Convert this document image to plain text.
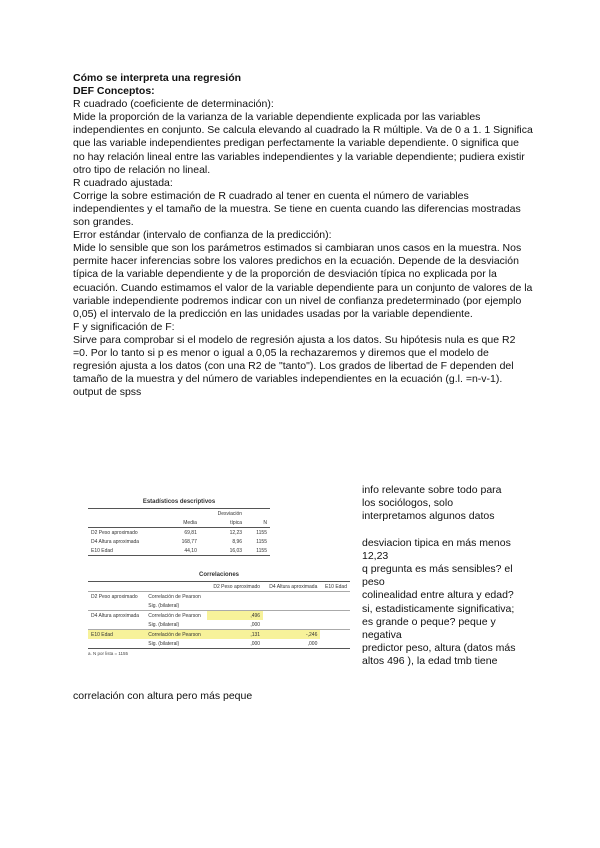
Cómo se interpreta una regresión

DEF Conceptos:

R cuadrado (coeficiente de determinación):

Mide la proporción de la varianza de la variable dependiente explicada por las variables independientes en conjunto. Se calcula elevando al cuadrado la R múltiple. Va de 0 a 1. 1 Significa que las variable independientes predigan perfectamente la variable dependiente. 0 significa que no hay relación lineal entre las variables independientes y la variable dependiente; pudiera existir otro tipo de relación no lineal.

R cuadrado ajustada:

Corrige la sobre estimación de R cuadrado al tener en cuenta el número de variables independientes y el tamaño de la muestra. Se tiene en cuenta cuando las diferencias mostradas son grandes.

Error estándar (intervalo de confianza de la predicción):

Mide lo sensible que son los parámetros estimados si cambiaran unos casos en la muestra. Nos permite hacer inferencias sobre los valores predichos en la ecuación. Depende de la desviación típica de la variable dependiente y de la proporción de desviación típica no explicada por la ecuación. Cuando estimamos el valor de la variable dependiente para un conjunto de valores de la variable independiente podremos indicar con un nivel de confianza predeterminado (por ejemplo 0,05) el intervalo de la predicción en las unidades usadas por la variable dependiente.

F y significación de F:

Sirve para comprobar si el modelo de regresión ajusta a los datos. Su hipótesis nula es que R2 =0. Por lo tanto si p es menor o igual a 0,05 la rechazaremos y diremos que el modelo de regresión ajusta a los datos (con una R2 de "tanto"). Los grados de libertad de F dependen del tamaño de la muestra y del número de variables independientes en la ecuación (g.l. =n-v-1).

output de spss

Estadísticos descriptivos
		Desviación	
	Media	típica	N
D2 Peso aproximado	69,81	12,23	1155
D4 Altura aproximada	168,77	8,96	1155
E10 Edad	44,10	16,03	1155
Correlaciones
		D2 Peso aproximado	D4 Altura aproximada	E10 Edad
D2 Peso aproximado	Correlación de Pearson			
	Sig. (bilateral)			
D4 Altura aproximada	Correlación de Pearson	,496		
	Sig. (bilateral)	,000		
E10 Edad	Correlación de Pearson	,131	-,246	
	Sig. (bilateral)	,000	,000	
a. N por lista = 1155

info relevante sobre todo para

los sociólogos, solo

interpretamos algunos datos

desviacion tipica en más menos

12,23

q pregunta es más sensibles? el

peso

colinealidad entre altura y edad?

si, estadisticamente significativa;

es grande o peque? peque y

negativa

predictor peso, altura (datos más

altos 496 ), la edad tmb tiene

correlación con altura pero más peque
